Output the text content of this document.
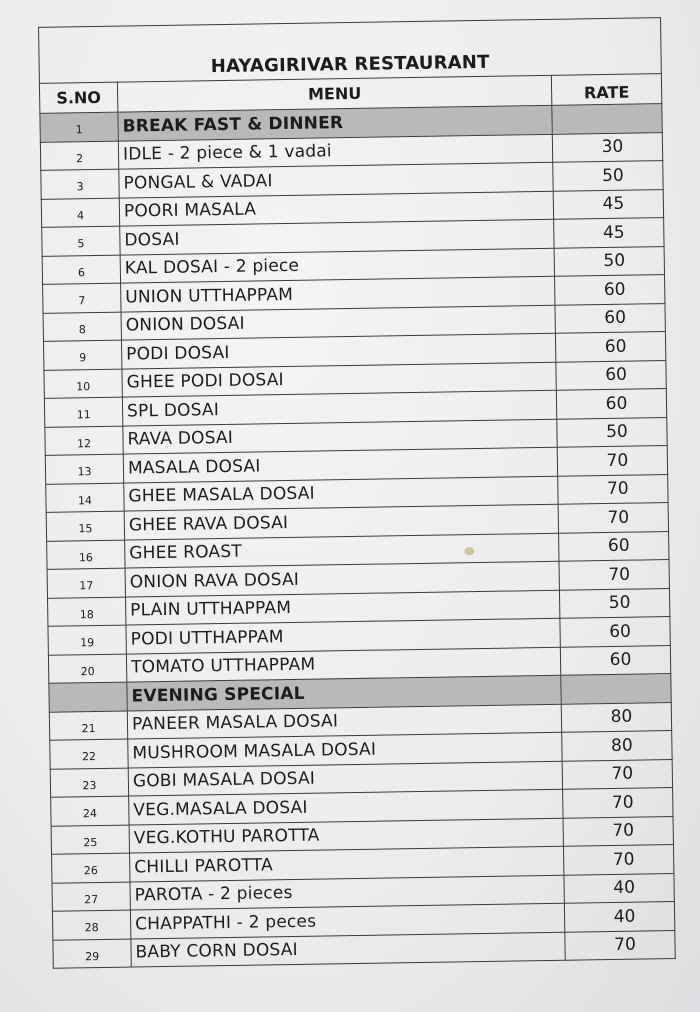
HAYAGIRIVAR RESTAURANT		
S.NO	MENU	RATE
1	BREAK FAST & DINNER	
2	IDLE - 2 piece & 1 vadai	30
3	PONGAL & VADAI	50
4	POORI MASALA	45
5	DOSAI	45
6	KAL DOSAI - 2 piece	50
7	UNION UTTHAPPAM	60
8	ONION DOSAI	60
9	PODI DOSAI	60
10	GHEE PODI DOSAI	60
11	SPL DOSAI	60
12	RAVA DOSAI	50
13	MASALA DOSAI	70
14	GHEE MASALA DOSAI	70
15	GHEE RAVA DOSAI	70
16	GHEE ROAST	60
17	ONION RAVA DOSAI	70
18	PLAIN UTTHAPPAM	50
19	PODI UTTHAPPAM	60
20	TOMATO UTTHAPPAM	60
	EVENING SPECIAL	
21	PANEER MASALA DOSAI	80
22	MUSHROOM MASALA DOSAI	80
23	GOBI MASALA DOSAI	70
24	VEG.MASALA DOSAI	70
25	VEG.KOTHU PAROTTA	70
26	CHILLI PAROTTA	70
27	PAROTA - 2 pieces	40
28	CHAPPATHI - 2 peces	40
29	BABY CORN DOSAI	70
